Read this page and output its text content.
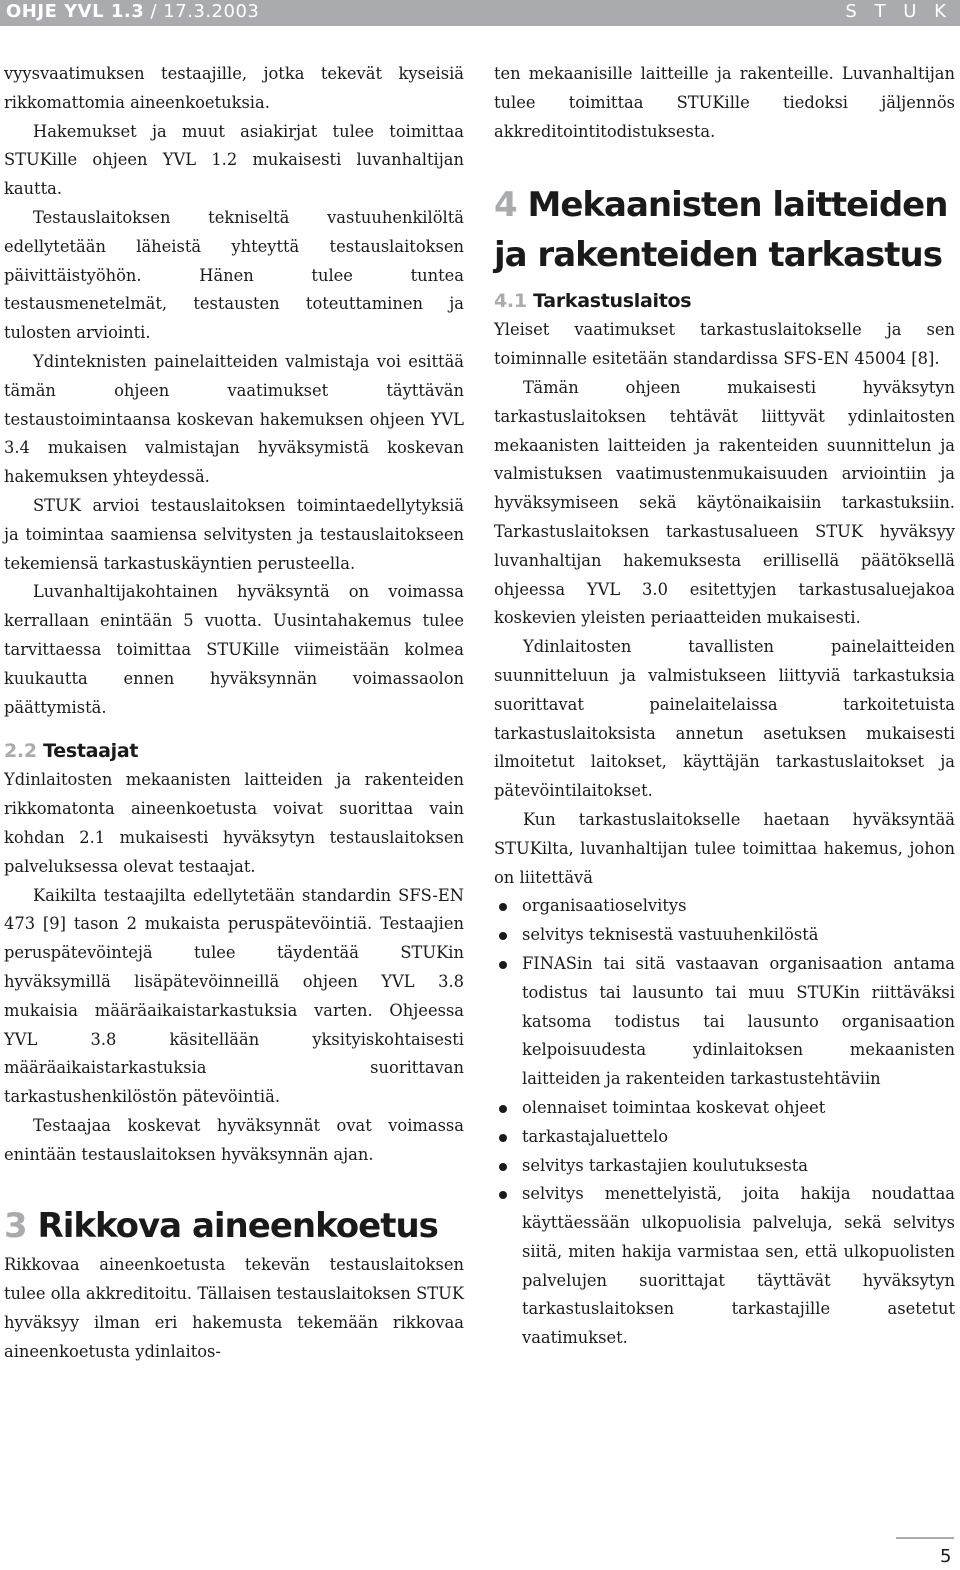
OHJE YVL 1.3 / 17.3.2003	S T U K

vyysvaatimuksen testaajille, jotka tekevät kyseisiä rikkomattomia aineenkoetuksia.

Hakemukset ja muut asiakirjat tulee toimittaa STUKille ohjeen YVL 1.2 mukaisesti luvanhaltijan kautta.

Testauslaitoksen tekniseltä vastuuhenkilöltä edellytetään läheistä yhteyttä testauslaitoksen päivittäistyöhön. Hänen tulee tuntea testausmenetelmät, testausten toteuttaminen ja tulosten arviointi.

Ydinteknisten painelaitteiden valmistaja voi esittää tämän ohjeen vaatimukset täyttävän testaustoimintaansa koskevan hakemuksen ohjeen YVL 3.4 mukaisen valmistajan hyväksymistä koskevan hakemuksen yhteydessä.

STUK arvioi testauslaitoksen toimintaedellytyksiä ja toimintaa saamiensa selvitysten ja testauslaitokseen tekemiensä tarkastuskäyntien perusteella.

Luvanhaltijakohtainen hyväksyntä on voimassa kerrallaan enintään 5 vuotta. Uusintahakemus tulee tarvittaessa toimittaa STUKille viimeistään kolmea kuukautta ennen hyväksynnän voimassaolon päättymistä.

2.2 Testaajat

Ydinlaitosten mekaanisten laitteiden ja rakenteiden rikkomatonta aineenkoetusta voivat suorittaa vain kohdan 2.1 mukaisesti hyväksytyn testauslaitoksen palveluksessa olevat testaajat.

Kaikilta testaajilta edellytetään standardin SFS-EN 473 [9] tason 2 mukaista peruspätevöintiä. Testaajien peruspätevöintejä tulee täydentää STUKin hyväksymillä lisäpätevöinneillä ohjeen YVL 3.8 mukaisia määräaikaistarkastuksia varten. Ohjeessa YVL 3.8 käsitellään yksityiskohtaisesti määräaikaistarkastuksia suorittavan tarkastushenkilöstön pätevöintiä.

Testaajaa koskevat hyväksynnät ovat voimassa enintään testauslaitoksen hyväksynnän ajan.

3 Rikkova aineenkoetus

Rikkovaa aineenkoetusta tekevän testauslaitoksen tulee olla akkreditoitu. Tällaisen testauslaitoksen STUK hyväksyy ilman eri hakemusta tekemään rikkovaa aineenkoetusta ydinlaitos-

ten mekaanisille laitteille ja rakenteille. Luvanhaltijan tulee toimittaa STUKille tiedoksi jäljennös akkreditointitodistuksesta.

4 Mekaanisten laitteiden ja rakenteiden tarkastus
4.1 Tarkastuslaitos

Yleiset vaatimukset tarkastuslaitokselle ja sen toiminnalle esitetään standardissa SFS-EN 45004 [8].

Tämän ohjeen mukaisesti hyväksytyn tarkastuslaitoksen tehtävät liittyvät ydinlaitosten mekaanisten laitteiden ja rakenteiden suunnittelun ja valmistuksen vaatimustenmukaisuuden arviointiin ja hyväksymiseen sekä käytönaikaisiin tarkastuksiin. Tarkastuslaitoksen tarkastusalueen STUK hyväksyy luvanhaltijan hakemuksesta erillisellä päätöksellä ohjeessa YVL 3.0 esitettyjen tarkastusaluejakoa koskevien yleisten periaatteiden mukaisesti.

Ydinlaitosten tavallisten painelaitteiden suunnitteluun ja valmistukseen liittyviä tarkastuksia suorittavat painelaitelaissa tarkoitetuista tarkastuslaitoksista annetun asetuksen mukaisesti ilmoitetut laitokset, käyttäjän tarkastuslaitokset ja pätevöintilaitokset.

Kun tarkastuslaitokselle haetaan hyväksyntää STUKilta, luvanhaltijan tulee toimittaa hakemus, johon on liitettävä

organisaatioselvitys
selvitys teknisestä vastuuhenkilöstä
FINASin tai sitä vastaavan organisaation antama todistus tai lausunto tai muu STUKin riittäväksi katsoma todistus tai lausunto organisaation kelpoisuudesta ydinlaitoksen mekaanisten laitteiden ja rakenteiden tarkastustehtäviin
olennaiset toimintaa koskevat ohjeet
tarkastajaluettelo
selvitys tarkastajien koulutuksesta
selvitys menettelyistä, joita hakija noudattaa käyttäessään ulkopuolisia palveluja, sekä selvitys siitä, miten hakija varmistaa sen, että ulkopuolisten palvelujen suorittajat täyttävät hyväksytyn tarkastuslaitoksen tarkastajille asetetut vaatimukset.
5
